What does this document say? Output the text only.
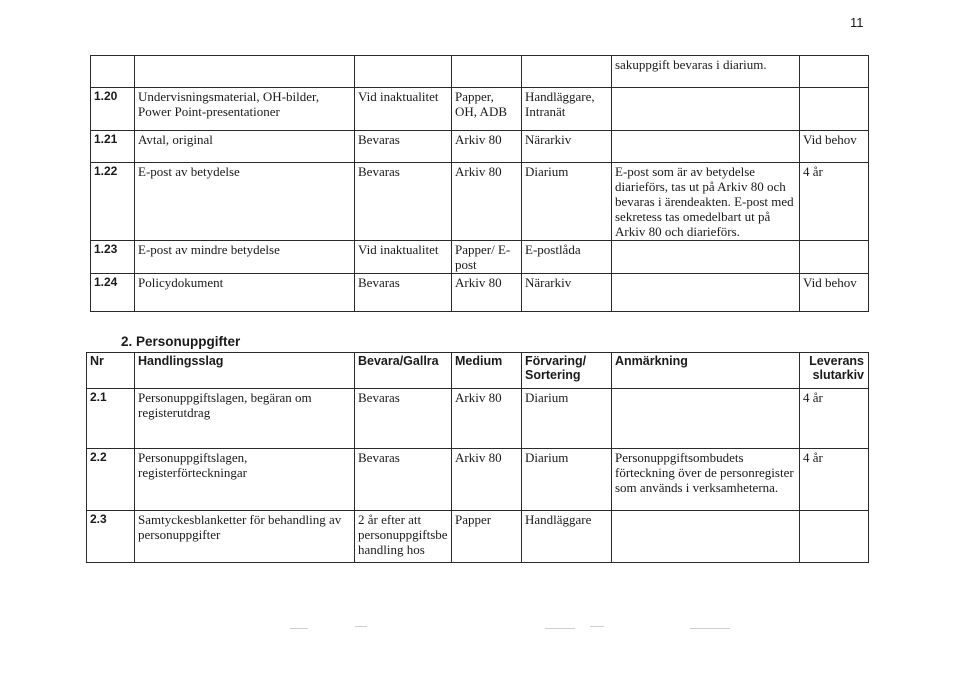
11
					sakuppgift bevaras i diarium.	
1.20	Undervisningsmaterial, OH-bilder, Power Point-presentationer	Vid inaktualitet	Papper, OH, ADB	Handläggare, Intranät		
1.21	Avtal, original	Bevaras	Arkiv 80	Närarkiv		Vid behov
1.22	E-post av betydelse	Bevaras	Arkiv 80	Diarium	E-post som är av betydelse diarieförs, tas ut på Arkiv 80 och bevaras i ärendeakten. E-post med sekretess tas omedelbart ut på Arkiv 80 och diarieförs.	4 år
1.23	E-post av mindre betydelse	Vid inaktualitet	Papper/ E-post	E-postlåda		
1.24	Policydokument	Bevaras	Arkiv 80	Närarkiv		Vid behov
2. Personuppgifter
Nr	Handlingsslag	Bevara/Gallra	Medium	Förvaring/ Sortering	Anmärkning	Leverans slutarkiv
2.1	Personuppgiftslagen, begäran om registerutdrag	Bevaras	Arkiv 80	Diarium		4 år
2.2	Personuppgiftslagen, registerförteckningar	Bevaras	Arkiv 80	Diarium	Personuppgiftsombudets förteckning över de personregister som används i verksamheterna.	4 år
2.3	Samtyckesblanketter för behandling av personuppgifter	2 år efter att personuppgiftsbe handling hos	Papper	Handläggare		
